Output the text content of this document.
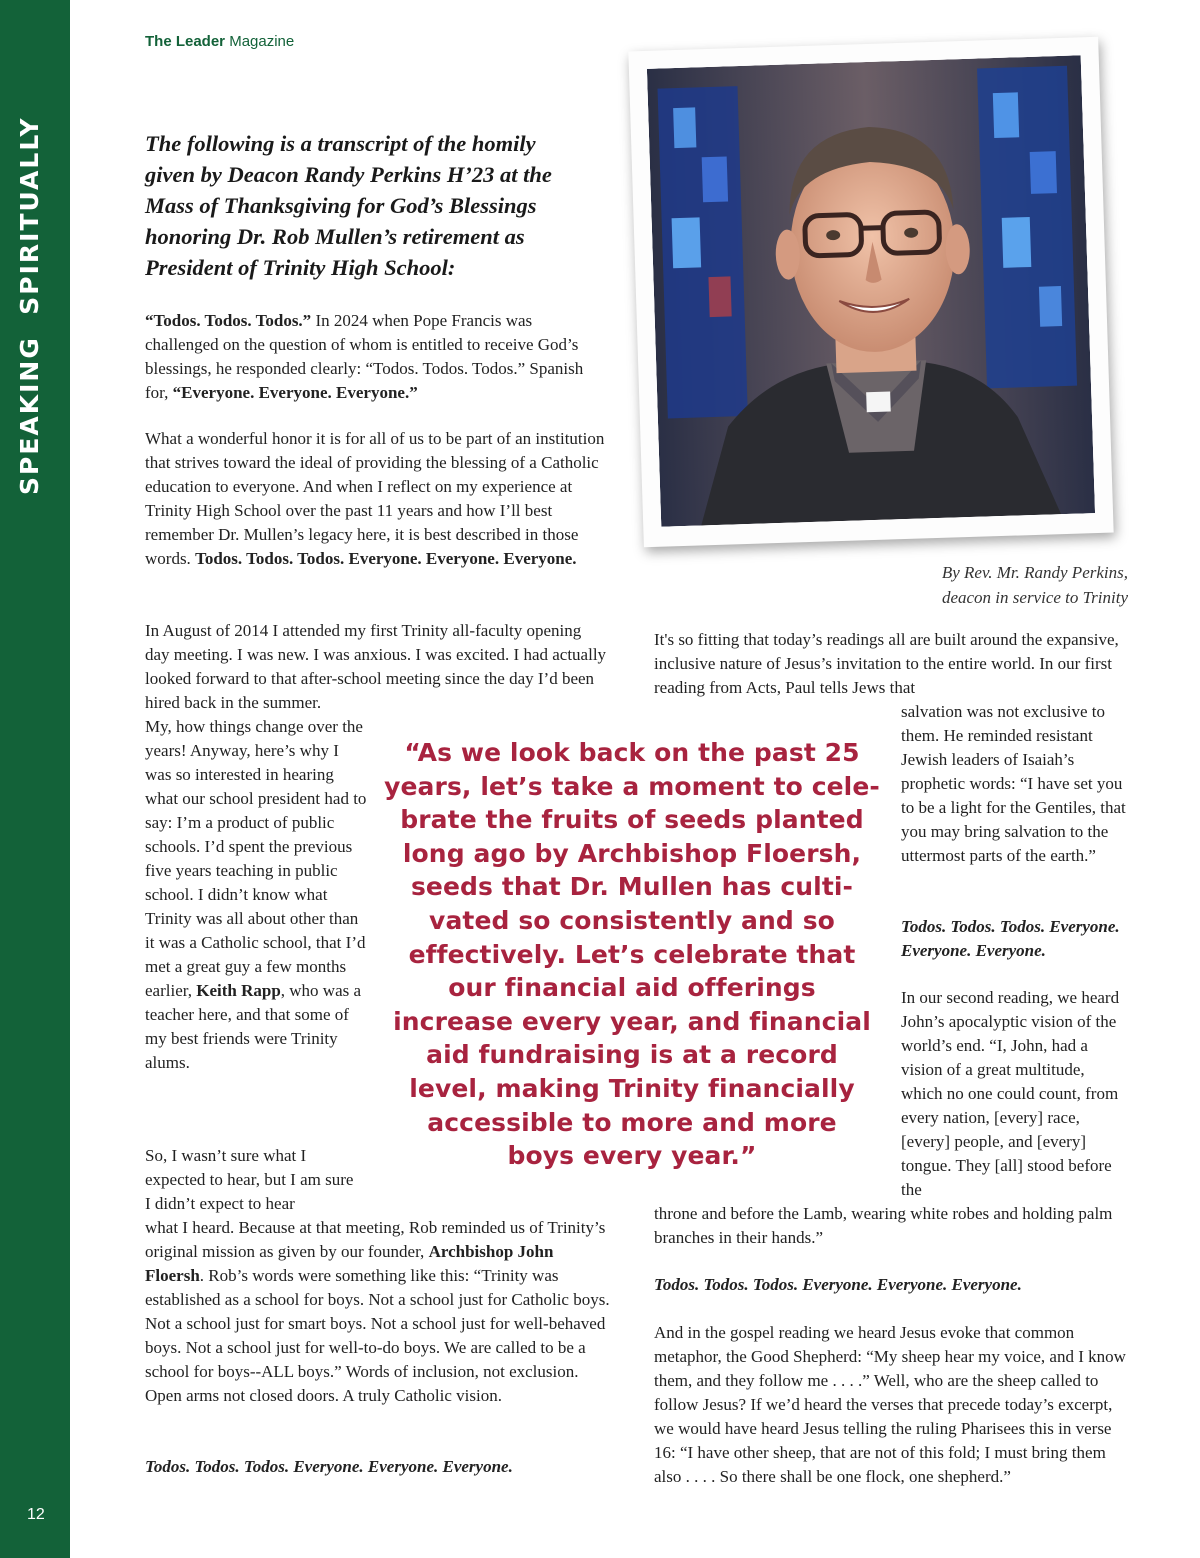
SPEAKING  SPIRITUALLY
12
The Leader Magazine
The following is a transcript of the homily
given by Deacon Randy Perkins H’23 at the
Mass of Thanksgiving for God’s Blessings
honoring Dr. Rob Mullen’s retirement as
President of Trinity High School:

“Todos. Todos. Todos.” In 2024 when Pope Francis was challenged on the question of whom is entitled to receive God’s blessings, he responded clearly: “Todos. Todos. Todos.” Spanish for, “Everyone. Everyone. Everyone.”

What a wonderful honor it is for all of us to be part of an institution that strives toward the ideal of providing the blessing of a Catholic education to everyone. And when I reflect on my experience at Trinity High School over the past 11 years and how I’ll best remember Dr. Mullen’s legacy here, it is best described in those words. Todos. Todos. Todos. Everyone. Everyone. Everyone.

In August of 2014 I attended my first Trinity all-faculty opening day meeting. I was new. I was anxious. I was excited. I had actually looked forward to that after-school meeting since the day I’d been hired back in the summer.

My, how things change over the years! Anyway, here’s why I was so interested in hearing what our school president had to say: I’m a product of public schools. I’d spent the previous five years teaching in public school. I didn’t know what Trinity was all about other than it was a Catholic school, that I’d met a great guy a few months earlier, Keith Rapp, who was a teacher here, and that some of my best friends were Trinity alums.

So, I wasn’t sure what I expected to hear, but I am sure I didn’t expect to hear

what I heard. Because at that meeting, Rob reminded us of Trinity’s original mission as given by our founder, Archbishop John Floersh. Rob’s words were something like this: “Trinity was established as a school for boys. Not a school just for Catholic boys. Not a school just for smart boys. Not a school just for well-behaved boys. Not a school just for well-to-do boys. We are called to be a school for boys--ALL boys.” Words of inclusion, not exclusion. Open arms not closed doors. A truly Catholic vision.

Todos. Todos. Todos. Everyone. Everyone. Everyone.

By Rev. Mr. Randy Perkins,
deacon in service to Trinity

It's so fitting that today’s readings all are built around the expansive, inclusive nature of Jesus’s invitation to the entire world. In our first reading from Acts, Paul tells Jews that

salvation was not exclusive to them. He reminded resistant Jewish leaders of Isaiah’s prophetic words: “I have set you to be a light for the Gentiles, that you may bring salvation to the uttermost parts of the earth.”

Todos. Todos. Todos. Everyone. Everyone. Everyone.

In our second reading, we heard John’s apocalyptic vision of the world’s end. “I, John, had a vision of a great multitude, which no one could count, from every nation, [every] race, [every] people, and [every] tongue. They [all] stood before the

throne and before the Lamb, wearing white robes and holding palm branches in their hands.”

Todos. Todos. Todos. Everyone. Everyone. Everyone.

And in the gospel reading we heard Jesus evoke that common metaphor, the Good Shepherd: “My sheep hear my voice, and I know them, and they follow me . . . .” Well, who are the sheep called to follow Jesus? If we’d heard the verses that precede today’s excerpt, we would have heard Jesus telling the ruling Pharisees this in verse 16: “I have other sheep, that are not of this fold; I must bring them also . . . . So there shall be one flock, one shepherd.”

“As we look back on the past 25
years, let’s take a moment to cele-
brate the fruits of seeds planted
long ago by Archbishop Floersh,
seeds that Dr. Mullen has culti-
vated so consistently and so
effectively. Let’s celebrate that
our financial aid offerings
increase every year, and financial
aid fundraising is at a record
level, making Trinity financially
accessible to more and more
boys every year.”
